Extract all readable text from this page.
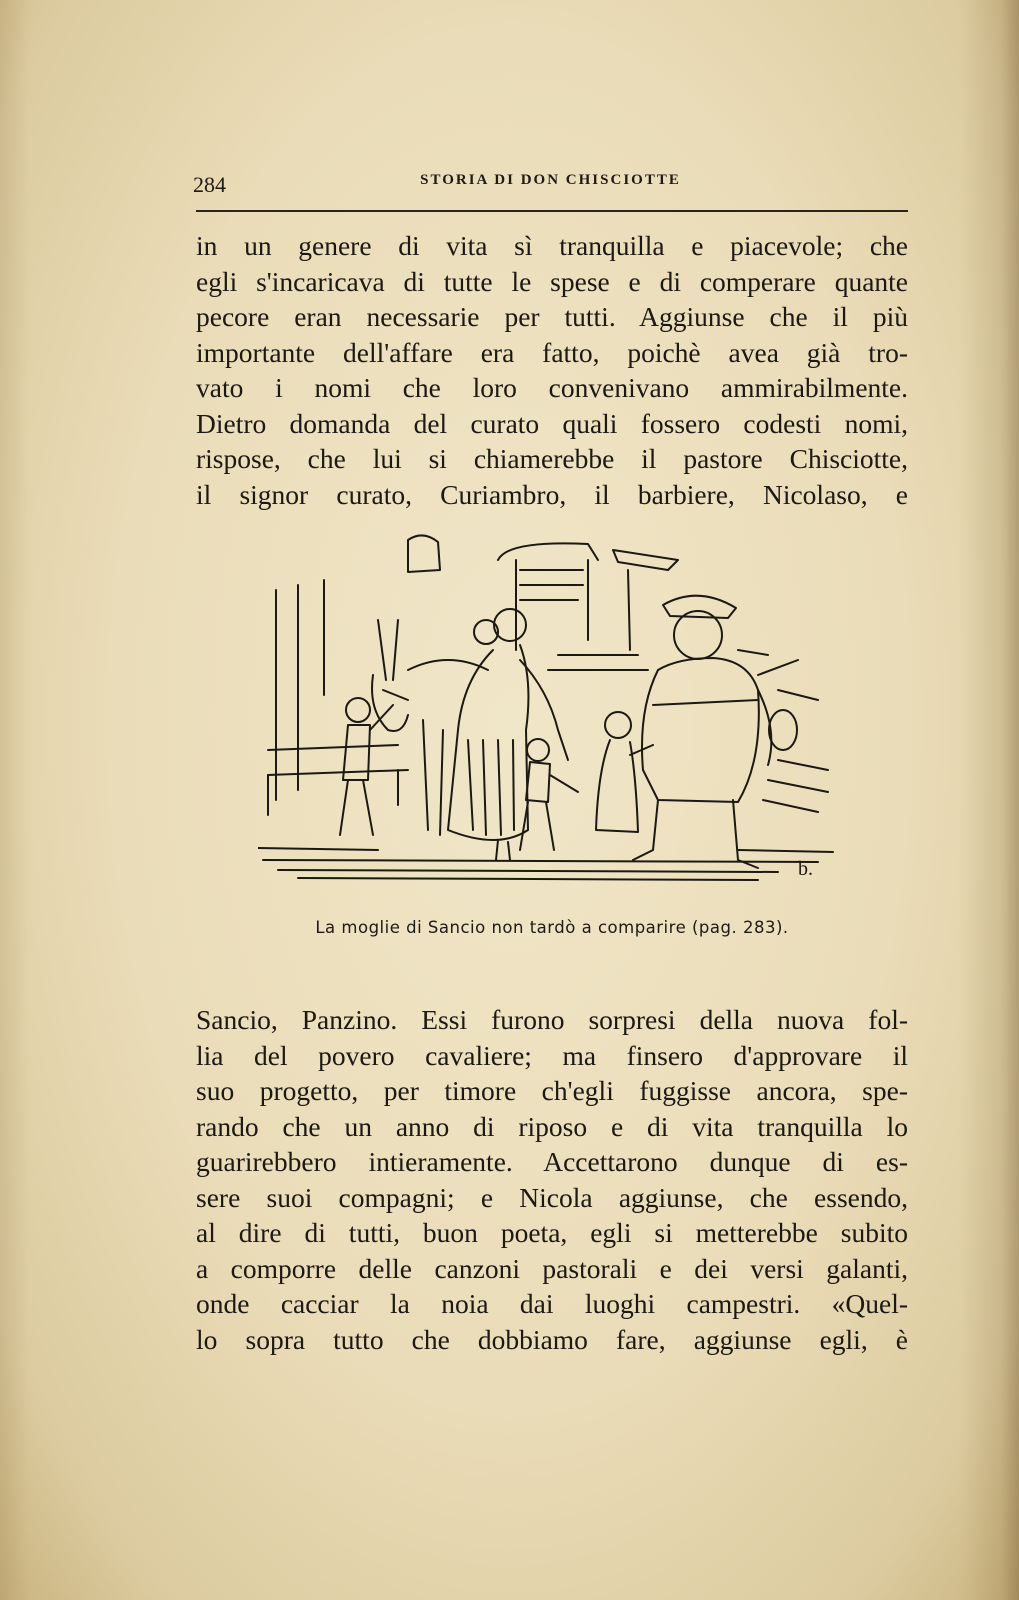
284	STORIA DI DON CHISCIOTTE
in un genere di vita sì tranquilla e piacevole; che
egli s'incaricava di tutte le spese e di comperare quante
pecore eran necessarie per tutti. Aggiunse che il più
importante dell'affare era fatto, poichè avea già tro-
vato i nomi che loro convenivano ammirabilmente.
Dietro domanda del curato quali fossero codesti nomi,
rispose, che lui si chiamerebbe il pastore Chisciotte,
il signor curato, Curiambro, il barbiere, Nicolaso, e
b.
La moglie di Sancio non tardò a comparire (pag. 283).
Sancio, Panzino. Essi furono sorpresi della nuova fol-
lia del povero cavaliere; ma finsero d'approvare il
suo progetto, per timore ch'egli fuggisse ancora, spe-
rando che un anno di riposo e di vita tranquilla lo
guarirebbero intieramente. Accettarono dunque di es-
sere suoi compagni; e Nicola aggiunse, che essendo,
al dire di tutti, buon poeta, egli si metterebbe subito
a comporre delle canzoni pastorali e dei versi galanti,
onde cacciar la noia dai luoghi campestri. «Quel-
lo sopra tutto che dobbiamo fare, aggiunse egli, è
